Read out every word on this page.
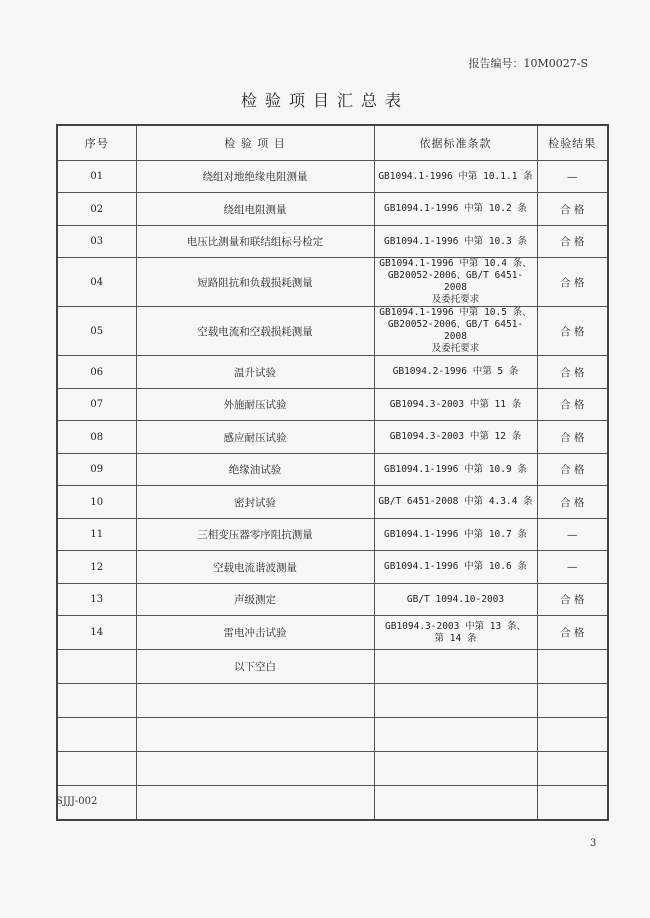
报告编号：10M0027-S
检验项目汇总表
序号	检 验 项 目	依据标准条款	检验结果
01	绕组对地绝缘电阻测量	GB1094.1-1996 中第 10.1.1 条	—
02	绕组电阻测量	GB1094.1-1996 中第 10.2 条	合 格
03	电压比测量和联结组标号检定	GB1094.1-1996 中第 10.3 条	合 格
04	短路阻抗和负载损耗测量	GB1094.1-1996 中第 10.4 条、
GB20052-2006、GB/T 6451-2008
及委托要求	合 格
05	空载电流和空载损耗测量	GB1094.1-1996 中第 10.5 条、
GB20052-2006、GB/T 6451-2008
及委托要求	合 格
06	温升试验	GB1094.2-1996 中第 5 条	合 格
07	外施耐压试验	GB1094.3-2003 中第 11 条	合 格
08	感应耐压试验	GB1094.3-2003 中第 12 条	合 格
09	绝缘油试验	GB1094.1-1996 中第 10.9 条	合 格
10	密封试验	GB/T 6451-2008 中第 4.3.4 条	合 格
11	三相变压器零序阻抗测量	GB1094.1-1996 中第 10.7 条	—
12	空载电流谐波测量	GB1094.1-1996 中第 10.6 条	—
13	声级测定	GB/T 1094.10-2003	合 格
14	雷电冲击试验	GB1094.3-2003 中第 13 条、
第 14 条	合 格
	以下空白		

SJJJ-002
3
